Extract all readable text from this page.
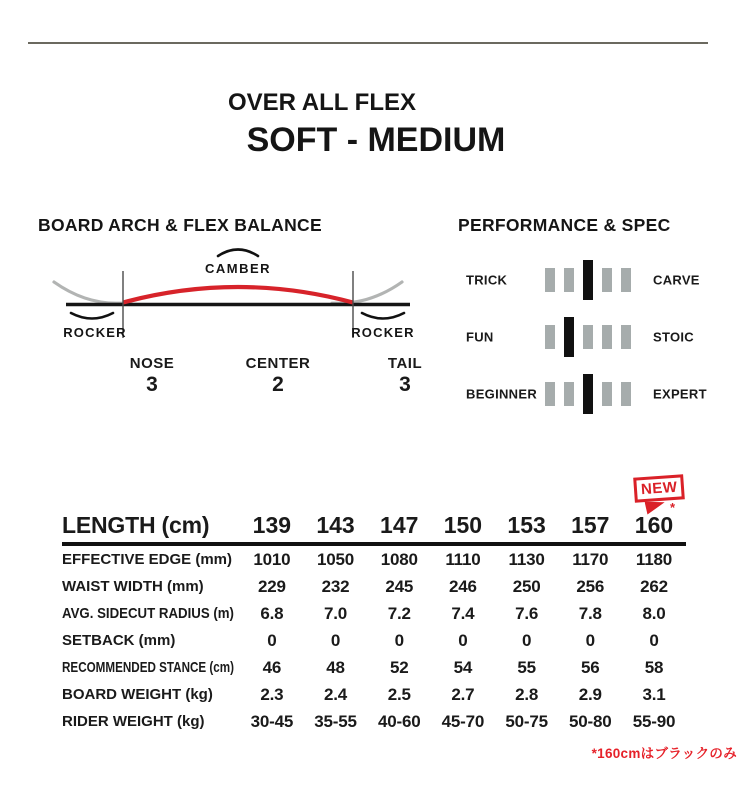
OVER ALL FLEX
SOFT - MEDIUM
BOARD ARCH & FLEX BALANCE	PERFORMANCE & SPEC
CAMBER
ROCKER	ROCKER
NOSE
3
CENTER
2
TAIL
3
TRICK	CARVE
FUN	STOIC
BEGINNER	EXPERT
NEW
*
LENGTH (cm)	139	143	147	150	153	157	160
EFFECTIVE EDGE (mm)	1010	1050	1080	1110	1130	1170	1180
WAIST WIDTH (mm)	229	232	245	246	250	256	262
AVG. SIDECUT RADIUS (m)	6.8	7.0	7.2	7.4	7.6	7.8	8.0
SETBACK (mm)	0	0	0	0	0	0	0
RECOMMENDED STANCE (cm)	46	48	52	54	55	56	58
BOARD WEIGHT (kg)	2.3	2.4	2.5	2.7	2.8	2.9	3.1
RIDER WEIGHT (kg)	30-45	35-55	40-60	45-70	50-75	50-80	55-90
*160cmはブラックのみ
